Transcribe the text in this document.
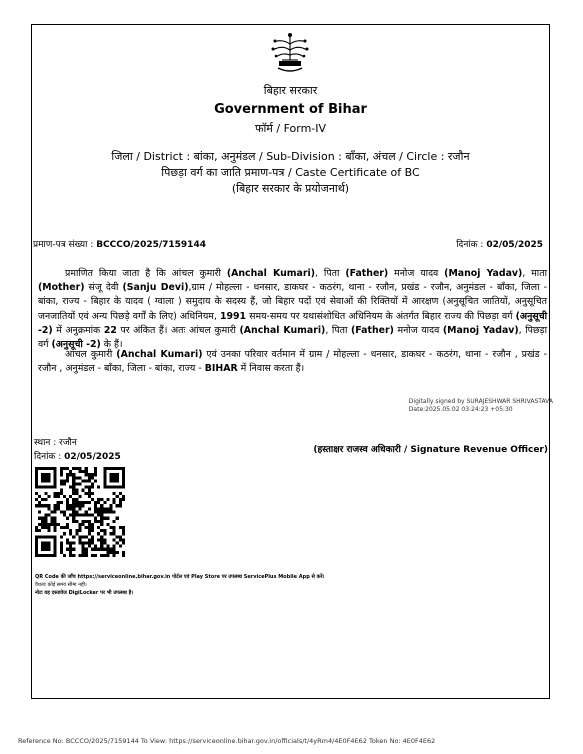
बिहार सरकार
Government of Bihar
फॉर्म / Form-IV
जिला / District : बांका, अनुमंडल / Sub-Division : बाँका, अंचल / Circle : रजौन
पिछड़ा वर्ग का जाति प्रमाण-पत्र / Caste Certificate of BC
(बिहार सरकार के प्रयोजनार्थ)
प्रमाण-पत्र संख्या : BCCCO/2025/7159144	दिनांक : 02/05/2025
प्रमाणित किया जाता है कि आंचल कुमारी (Anchal Kumari), पिता (Father) मनोज यादव (Manoj Yadav), माता (Mother) संजू देवी (Sanju Devi),ग्राम / मोहल्ला - धनसार, डाकघर - कठरंग, थाना - रजौन, प्रखंड - रजौन, अनुमंडल - बाँका, जिला - बांका, राज्य - बिहार के यादव ( ग्वाला ) समुदाय के सदस्य हैं, जो बिहार पदों एवं सेवाओं की रिक्तियों में आरक्षण (अनुसूचित जातियों, अनुसूचित जनजातियों एवं अन्य पिछड़े वर्गों के लिए) अधिनियम, 1991 समय-समय पर यथासंशोधित अधिनियम के अंतर्गत बिहार राज्य की पिछड़ा वर्ग (अनुसूची -2) में अनुक्रमांक 22 पर अंकित हैं। अतः आंचल कुमारी (Anchal Kumari), पिता (Father) मनोज यादव (Manoj Yadav), पिछड़ा वर्ग (अनुसूची -2) के हैं।
आंचल कुमारी (Anchal Kumari) एवं उनका परिवार वर्तमान में ग्राम / मोहल्ला - धनसार, डाकघर - कठरंग, थाना - रजौन , प्रखंड - रजौन , अनुमंडल - बाँका, जिला - बांका, राज्य - BIHAR में निवास करता हैं।
Digitally signed by SURAJESHWAR SHRIVASTAVA
Date:2025.05.02 03:24:23 +05:30
स्थान : रजौन
दिनांक : 02/05/2025
(हस्ताक्षर राजस्व अधिकारी / Signature Revenue Officer)
QR Code की जाँच https://serviceonline.bihar.gov.in पोर्टल एवं Play Store पर उपलब्ध ServicePlus Mobile App से करें।
वैधताः कोई समय सीमा नहीं।
नोटः यह दस्तावेज DigiLocker पर भी उपलब्ध है।
Reference No: BCCCO/2025/7159144 To View: https://serviceonline.bihar.gov.in/officials/t/4yRm4/4E0F4E62 Token No: 4E0F4E62
